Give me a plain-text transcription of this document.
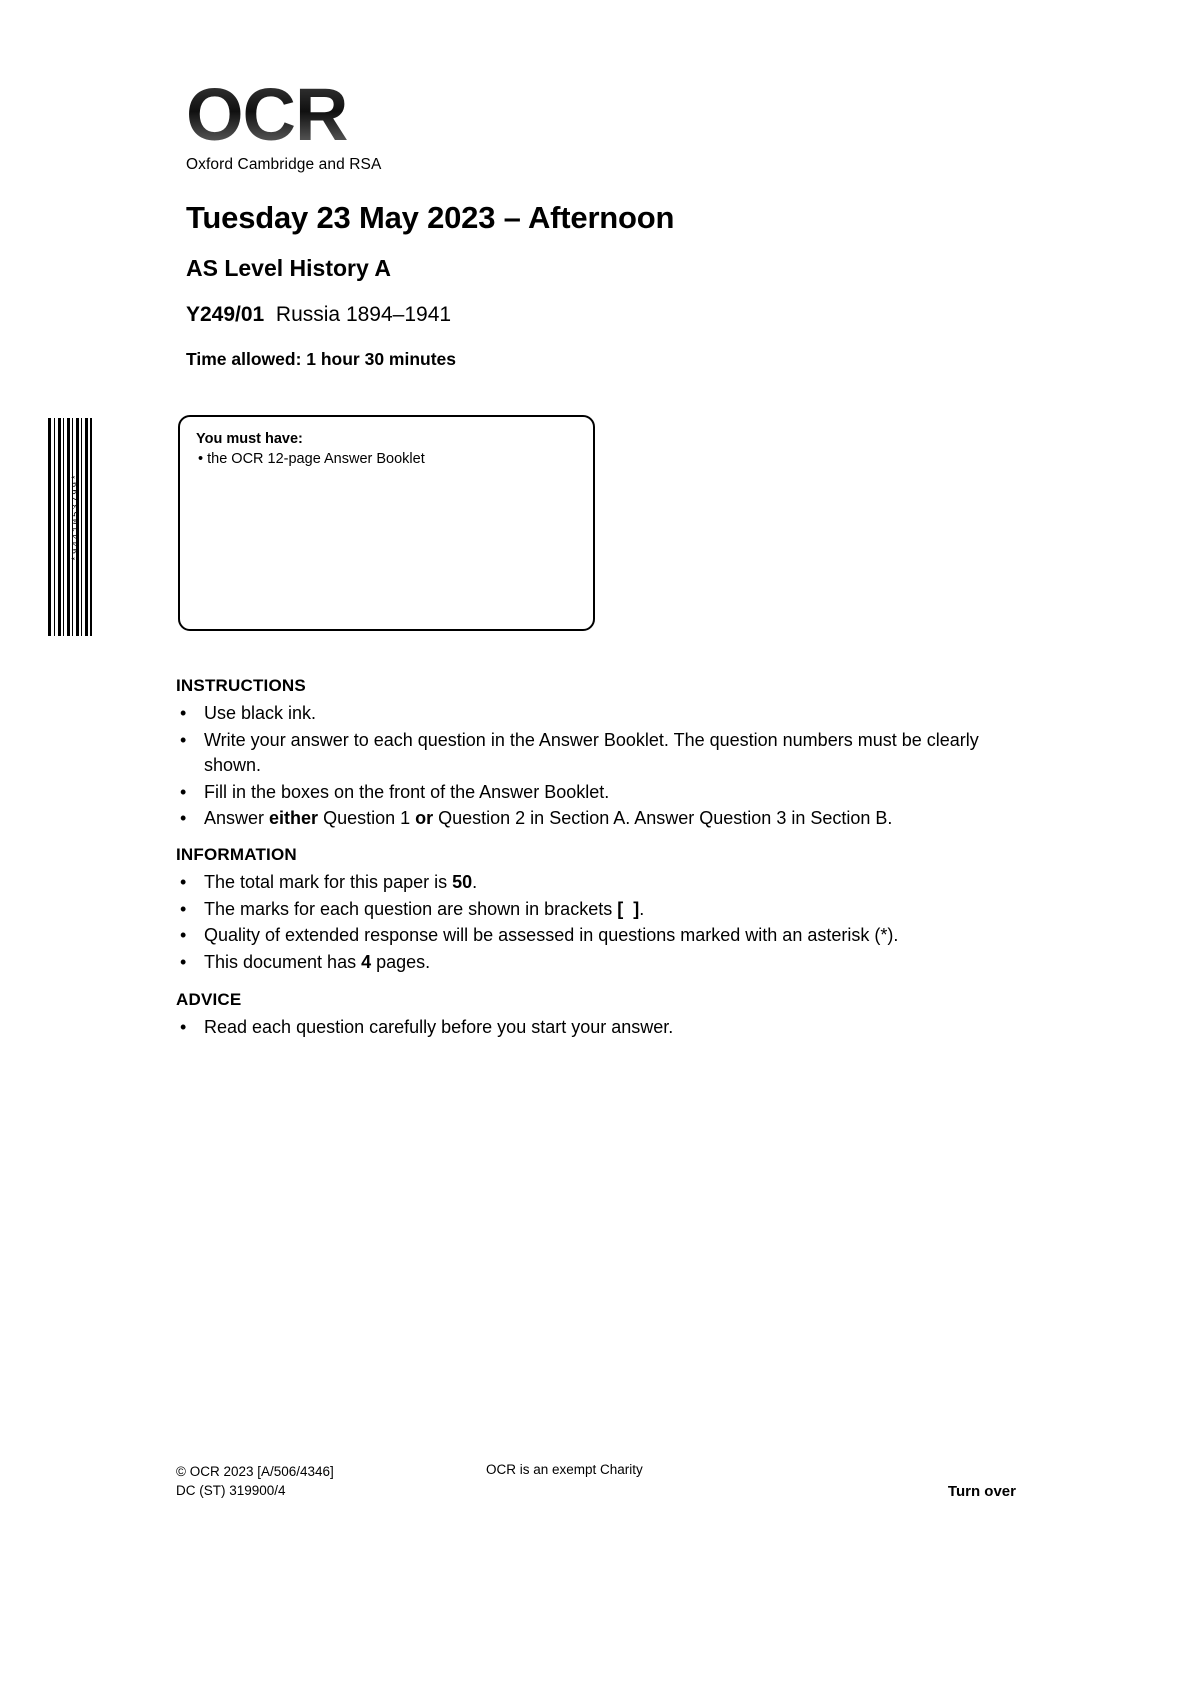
*9441053799*
OCR
Oxford Cambridge and RSA
Tuesday 23 May 2023 – Afternoon
AS Level History A
Y249/01 Russia 1894–1941
Time allowed: 1 hour 30 minutes
You must have:
• the OCR 12-page Answer Booklet
INSTRUCTIONS
• Use black ink.
• Write your answer to each question in the Answer Booklet. The question numbers must be clearly shown.
• Fill in the boxes on the front of the Answer Booklet.
• Answer either Question 1 or Question 2 in Section A. Answer Question 3 in Section B.
INFORMATION
• The total mark for this paper is 50.
• The marks for each question are shown in brackets [  ].
• Quality of extended response will be assessed in questions marked with an asterisk (*).
• This document has 4 pages.
ADVICE
• Read each question carefully before you start your answer.
© OCR 2023 [A/506/4346]
DC (ST) 319900/4
OCR is an exempt Charity
Turn over
